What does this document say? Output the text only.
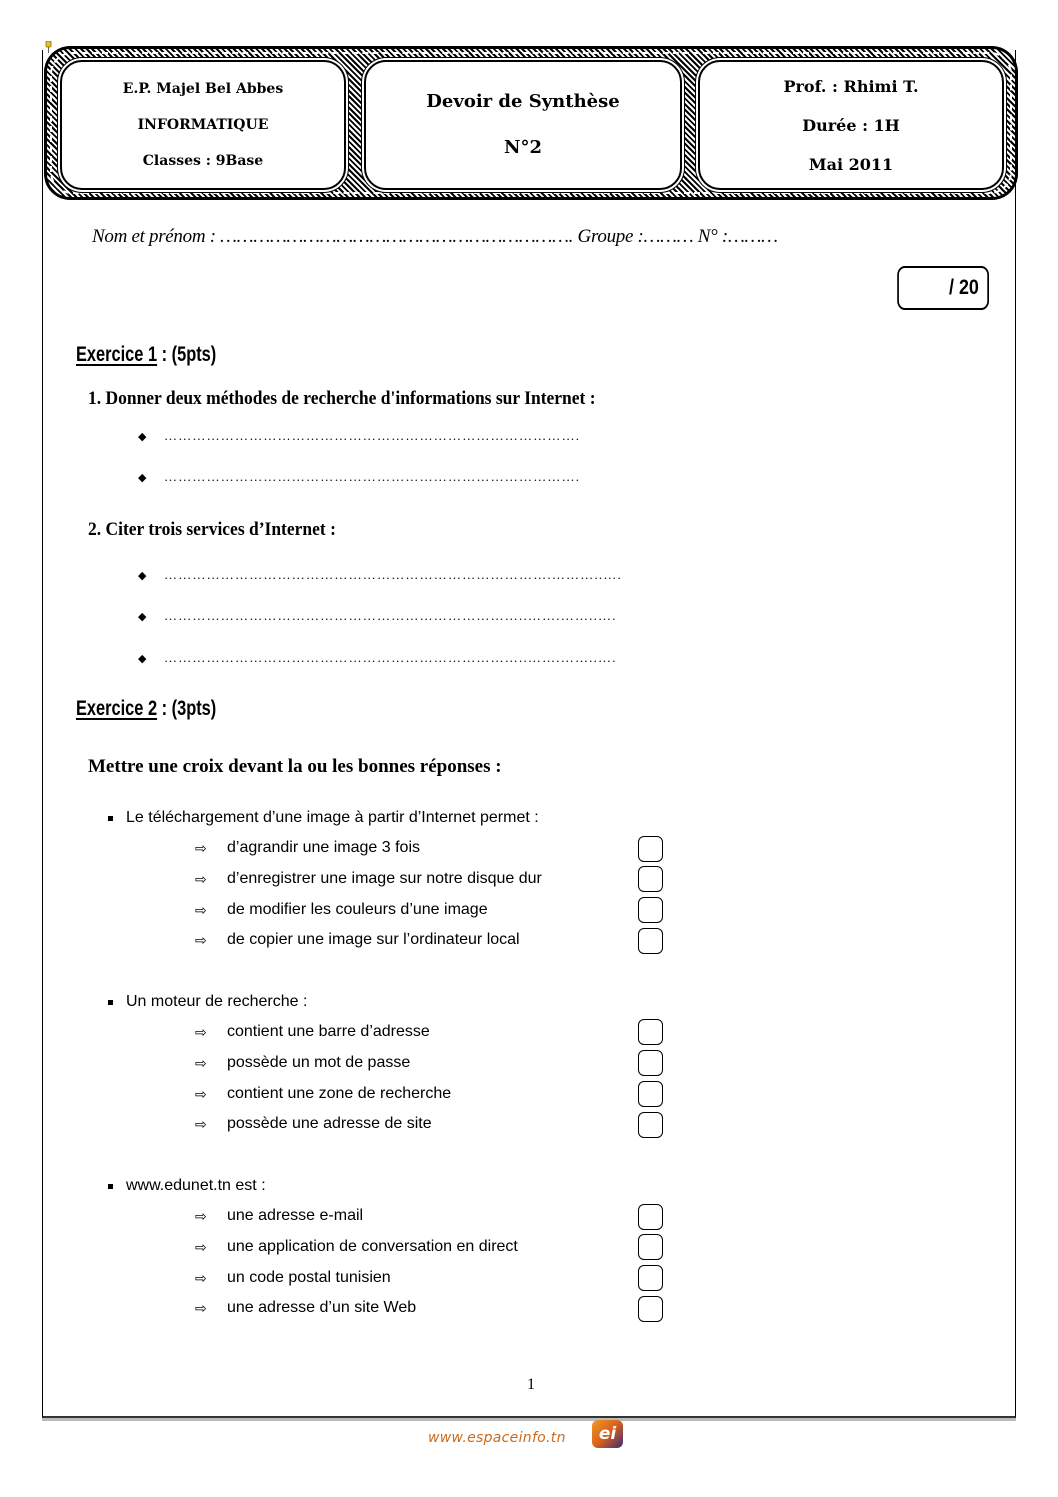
E.P. Majel Bel Abbes
INFORMATIQUE
Classes : 9Base
Devoir de Synthèse
N°2
Prof. : Rhimi T.
Durée : 1H
Mai 2011
Nom et prénom : ………………………………………………………. Groupe :……… N° :………
/ 20
Exercice 1 : (5pts)
1. Donner deux méthodes de recherche d'informations sur Internet :
◆ …………………………………………………………………………….
◆ …………………………………………………………………………….
2. Citer trois services d’Internet :
◆ ……………………………………………………………………….………..….
◆ …………………………………………………………………..…….……..….
◆ …………………………………………………………………..…….……..….
Exercice 2 : (3pts)
Mettre une croix devant la ou les bonnes réponses :
Le téléchargement d’une image à partir d’Internet permet :
⇨	d’agrandir une image 3 fois
⇨	d’enregistrer une image sur notre disque dur
⇨	de modifier les couleurs d’une image
⇨	de copier une image sur l’ordinateur local
Un moteur de recherche :
⇨	contient une barre d’adresse
⇨	possède un mot de passe
⇨	contient une zone de recherche
⇨	possède une adresse de site
www.edunet.tn est :
⇨	une adresse e-mail
⇨	une application de conversation en direct
⇨	un code postal tunisien
⇨	une adresse d’un site Web
1
www.espaceinfo.tn	ei
